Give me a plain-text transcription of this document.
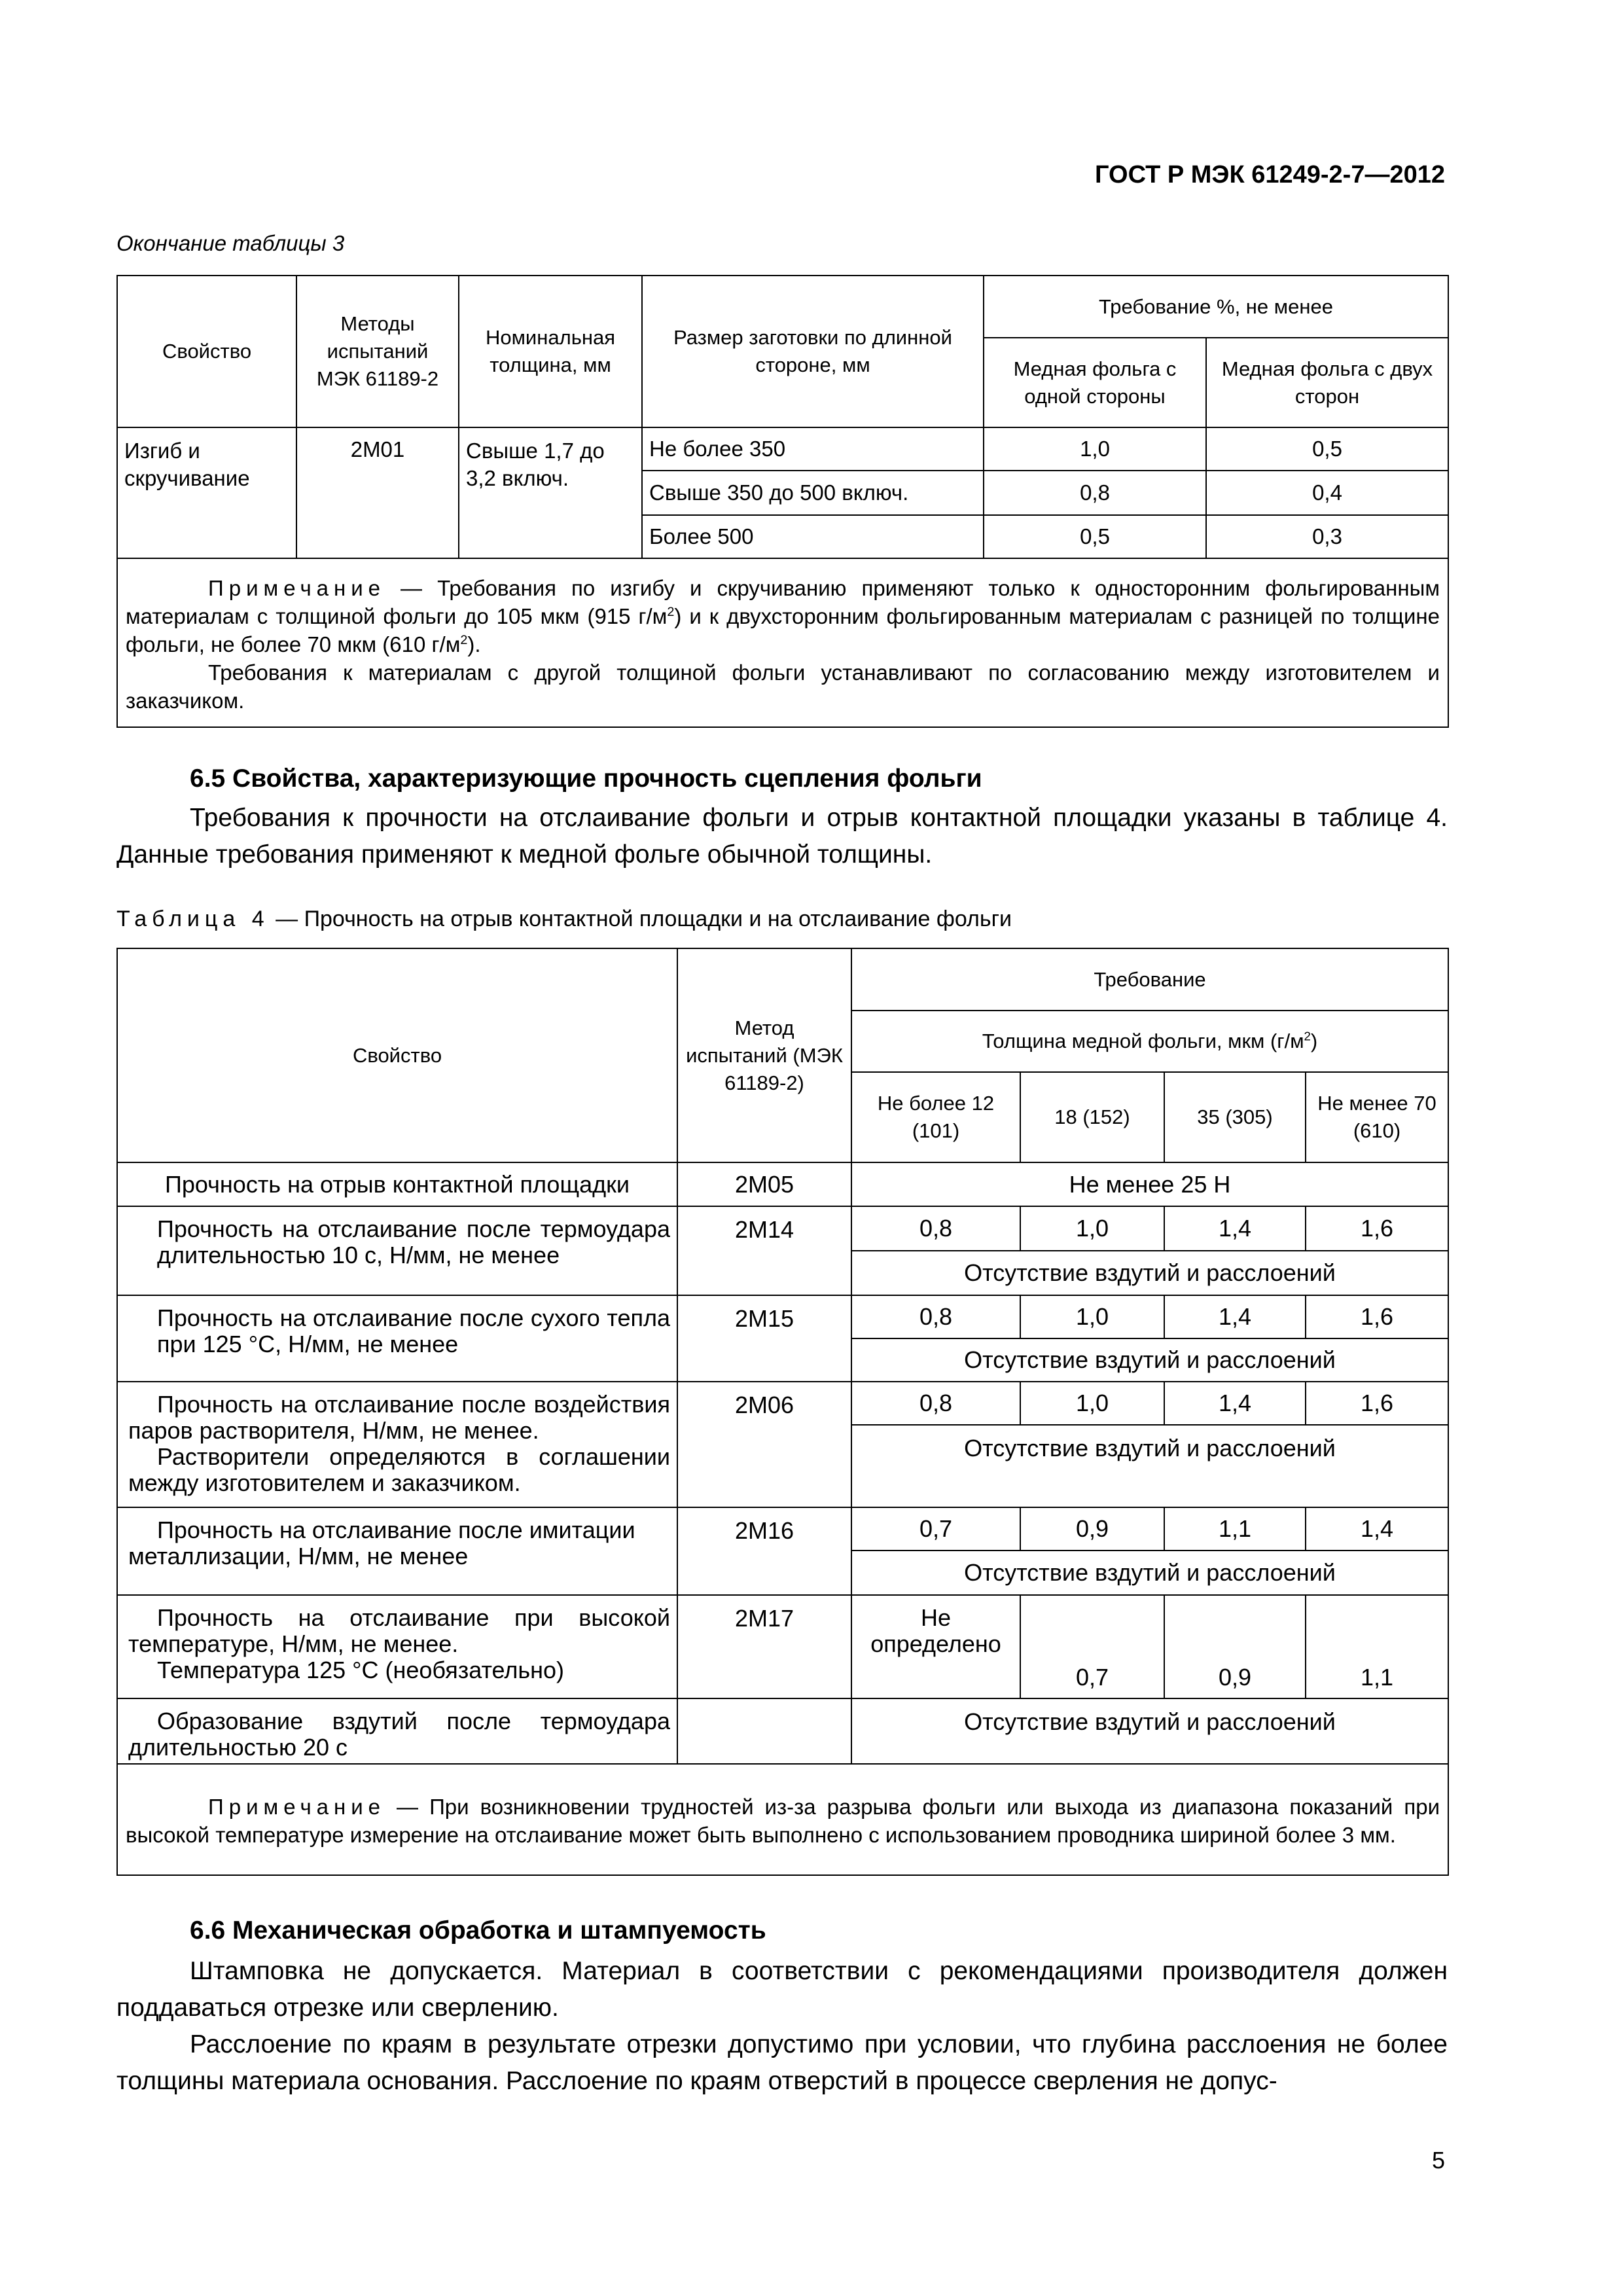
ГОСТ Р МЭК 61249-2-7—2012
Окончание таблицы 3
Свойство	Методы испытаний МЭК 61189-2	Номинальная толщина, мм	Размер заготовки по длинной стороне, мм	Требование %, не менее	
				Медная фольга с одной стороны	Медная фольга с двух сторон
Изгиб и скручивание	2М01	Свыше 1,7 до 3,2 включ.	Не более 350	1,0	0,5
			Свыше 350 до 500 включ.	0,8	0,4
			Более 500	0,5	0,3

Примечание — Требования по изгибу и скручиванию применяют только к односторонним фольгированным материалам с толщиной фольги до 105 мкм (915 $г/м^2$) и к двухсторонним фольгированным материалам с разницей по толщине фольги, не более 70 мкм (610 $г/м^2$).

Требования к материалам с другой толщиной фольги устанавливают по согласованию между изготовителем и заказчиком.					

6.5 Свойства, характеризующие прочность сцепления фольги

Требования к прочности на отслаивание фольги и отрыв контактной площадки указаны в таблице 4. Данные требования применяют к медной фольге обычной толщины.

Таблица 4 — Прочность на отрыв контактной площадки и на отслаивание фольги
Свойство	Метод испытаний (МЭК 61189-2)	Требование			
		Толщина медной фольги, мкм $(г/м^2)$			
		Не более 12 (101)	18 (152)	35 (305)	Не менее 70 (610)
Прочность на отрыв контактной площадки	2М05	Не менее 25 Н			
Прочность на отслаивание после термоудара длительностью 10 с, Н/мм, не менее	2М14	0,8	1,0	1,4	1,6
		Отсутствие вздутий и расслоений			
Прочность на отслаивание после сухого тепла при 125 °С, Н/мм, не менее	2М15	0,8	1,0	1,4	1,6
		Отсутствие вздутий и расслоений			

Прочность на отслаивание после воздействия паров растворителя, Н/мм, не менее.
Растворители определяются в соглашении между изготовителем и заказчиком.	2М06	0,8	1,0	1,4	1,6
		Отсутствие вздутий и расслоений			
Прочность на отслаивание после имитации металлизации, Н/мм, не менее	2М16	0,7	0,9	1,1	1,4
		Отсутствие вздутий и расслоений			

Прочность на отслаивание при высокой температуре, Н/мм, не менее.
Температура 125 °С (необязательно)	2М17	Не определено	0,7	0,9	1,1
Образование вздутий после термоудара длительностью 20 с		Отсутствие вздутий и расслоений			

Примечание — При возникновении трудностей из-за разрыва фольги или выхода из диапазона показаний при высокой температуре измерение на отслаивание может быть выполнено с использованием проводника шириной более 3 мм.					

6.6 Механическая обработка и штампуемость

Штамповка не допускается. Материал в соответствии с рекомендациями производителя должен поддаваться отрезке или сверлению.

Расслоение по краям в результате отрезки допустимо при условии, что глубина расслоения не более толщины материала основания. Расслоение по краям отверстий в процессе сверления не допус-

5
